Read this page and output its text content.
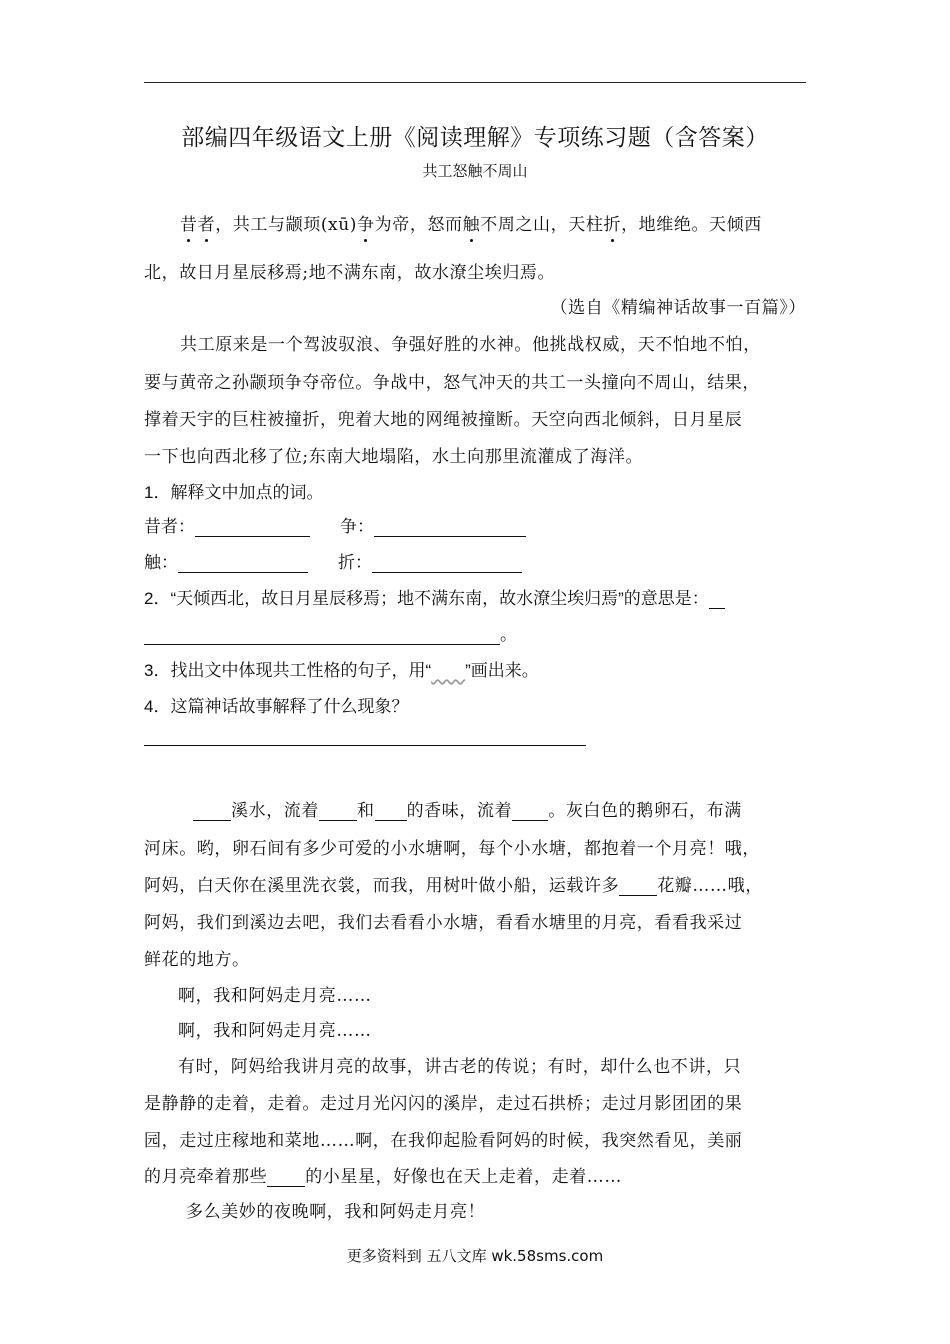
部编四年级语文上册《阅读理解》专项练习题（含答案）
共工怒触不周山
昔者，共工与颛顼(xū)争为帝，怒而触不周之山，天柱折，地维绝。天倾西
北，故日月星辰移焉;地不满东南，故水潦尘埃归焉。
（选自《精编神话故事一百篇》）
共工原来是一个驾波驭浪、争强好胜的水神。他挑战权威，天不怕地不怕，
要与黄帝之孙颛顼争夺帝位。争战中，怒气冲天的共工一头撞向不周山，结果，
撑着天宇的巨柱被撞折，兜着大地的网绳被撞断。天空向西北倾斜，日月星辰
一下也向西北移了位;东南大地塌陷，水土向那里流灌成了海洋。
1．解释文中加点的词。
昔者：	争：
触：	折：
2．“天倾西北，故日月星辰移焉；地不满东南，故水潦尘埃归焉”的意思是：
。
3．找出文中体现共工性格的句子，用“ ”画出来。
4．这篇神话故事解释了什么现象？
溪水，流着 和 的香味，流着 。灰白色的鹅卵石，布满
河床。哟，卵石间有多少可爱的小水塘啊，每个小水塘，都抱着一个月亮！哦，
阿妈，白天你在溪里洗衣裳，而我，用树叶做小船，运载许多 花瓣……哦，
阿妈，我们到溪边去吧，我们去看看小水塘，看看水塘里的月亮，看看我采过
鲜花的地方。
啊，我和阿妈走月亮……
啊，我和阿妈走月亮……
有时，阿妈给我讲月亮的故事，讲古老的传说；有时，却什么也不讲，只
是静静的走着，走着。走过月光闪闪的溪岸，走过石拱桥；走过月影团团的果
园，走过庄稼地和菜地……啊，在我仰起脸看阿妈的时候，我突然看见，美丽
的月亮牵着那些 的小星星，好像也在天上走着，走着……
多么美妙的夜晚啊，我和阿妈走月亮！
更多资料到 五八文库 wk.58sms.com
